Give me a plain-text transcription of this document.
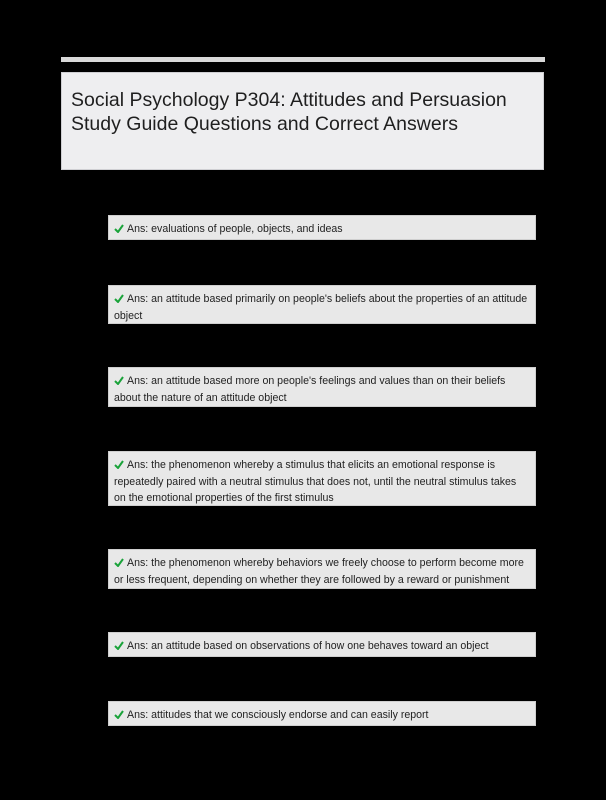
Social Psychology P304: Attitudes and Persuasion Study Guide Questions and Correct Answers
Ans: evaluations of people, objects, and ideas
Ans: an attitude based primarily on people's beliefs about the properties of an attitude object
Ans: an attitude based more on people's feelings and values than on their beliefs about the nature of an attitude object
Ans: the phenomenon whereby a stimulus that elicits an emotional response is repeatedly paired with a neutral stimulus that does not, until the neutral stimulus takes on the emotional properties of the first stimulus
Ans: the phenomenon whereby behaviors we freely choose to perform become more or less frequent, depending on whether they are followed by a reward or punishment
Ans: an attitude based on observations of how one behaves toward an object
Ans: attitudes that we consciously endorse and can easily report
